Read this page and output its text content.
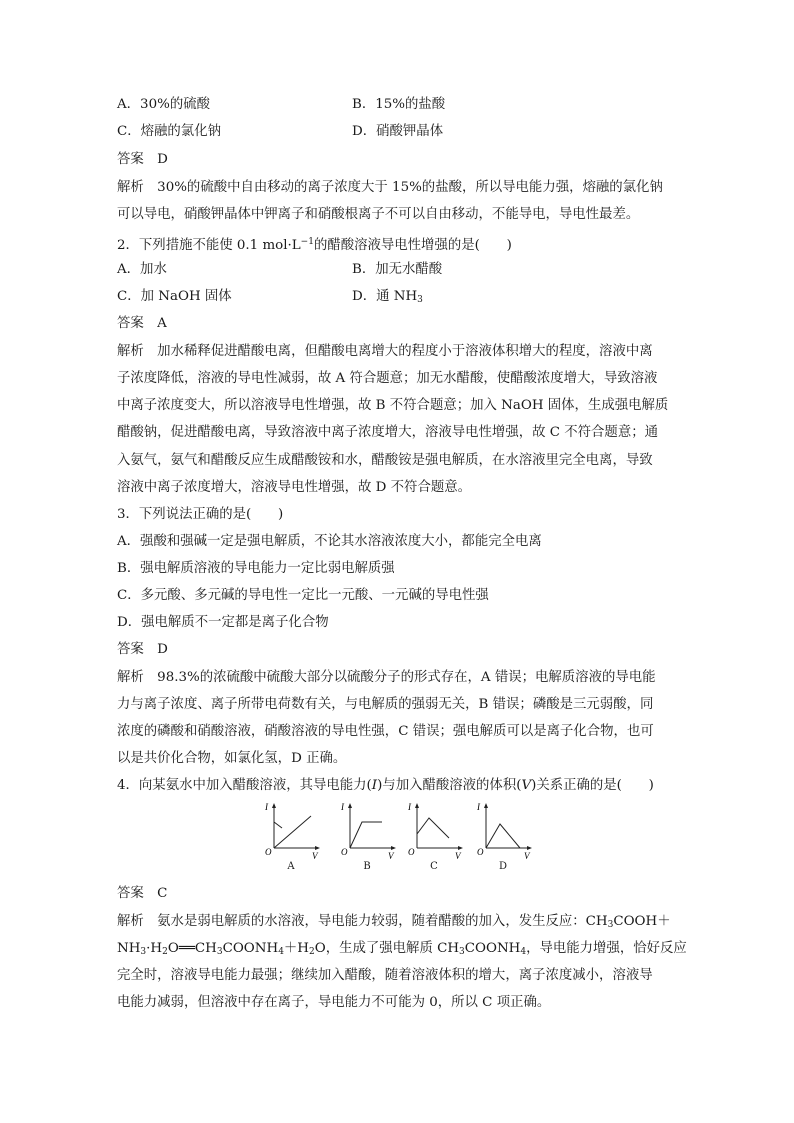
A．30%的硫酸	B．15%的盐酸
C．熔融的氯化钠	D．硝酸钾晶体
答案　D
解析　30%的硫酸中自由移动的离子浓度大于 15%的盐酸，所以导电能力强，熔融的氯化钠
可以导电，硝酸钾晶体中钾离子和硝酸根离子不可以自由移动，不能导电，导电性最差。
2．下列措施不能使 0.1 $mol\cdot L^{-1}$的醋酸溶液导电性增强的是(　　)
A．加水	B．加无水醋酸
C．加 NaOH 固体	D．通 $NH_3$
答案　A
解析　加水稀释促进醋酸电离，但醋酸电离增大的程度小于溶液体积增大的程度，溶液中离
子浓度降低，溶液的导电性减弱，故 A 符合题意；加无水醋酸，使醋酸浓度增大，导致溶液
中离子浓度变大，所以溶液导电性增强，故 B 不符合题意；加入 NaOH 固体，生成强电解质
醋酸钠，促进醋酸电离，导致溶液中离子浓度增大，溶液导电性增强，故 C 不符合题意；通
入氨气，氨气和醋酸反应生成醋酸铵和水，醋酸铵是强电解质，在水溶液里完全电离，导致
溶液中离子浓度增大，溶液导电性增强，故 D 不符合题意。
3．下列说法正确的是(　　)
A．强酸和强碱一定是强电解质，不论其水溶液浓度大小，都能完全电离
B．强电解质溶液的导电能力一定比弱电解质强
C．多元酸、多元碱的导电性一定比一元酸、一元碱的导电性强
D．强电解质不一定都是离子化合物
答案　D
解析　98.3%的浓硫酸中硫酸大部分以硫酸分子的形式存在，A 错误；电解质溶液的导电能
力与离子浓度、离子所带电荷数有关，与电解质的强弱无关，B 错误；磷酸是三元弱酸，同
浓度的磷酸和硝酸溶液，硝酸溶液的导电性强，C 错误；强电解质可以是离子化合物，也可
以是共价化合物，如氯化氢，D 正确。
4．向某氨水中加入醋酸溶液，其导电能力(I)与加入醋酸溶液的体积(V)关系正确的是(　　)
I
O	V
A
I
O	V
B
I
O	V
C
I
O	V
D
答案　C
解析　氨水是弱电解质的水溶液，导电能力较弱，随着醋酸的加入，发生反应：$CH_3COOH+$
$NH_3\cdot H_2O══CH_3COONH_4+H_2O$，生成了强电解质 $CH_3COONH_4$，导电能力增强，恰好反应
完全时，溶液导电能力最强；继续加入醋酸，随着溶液体积的增大，离子浓度减小，溶液导
电能力减弱，但溶液中存在离子，导电能力不可能为 0，所以 C 项正确。
